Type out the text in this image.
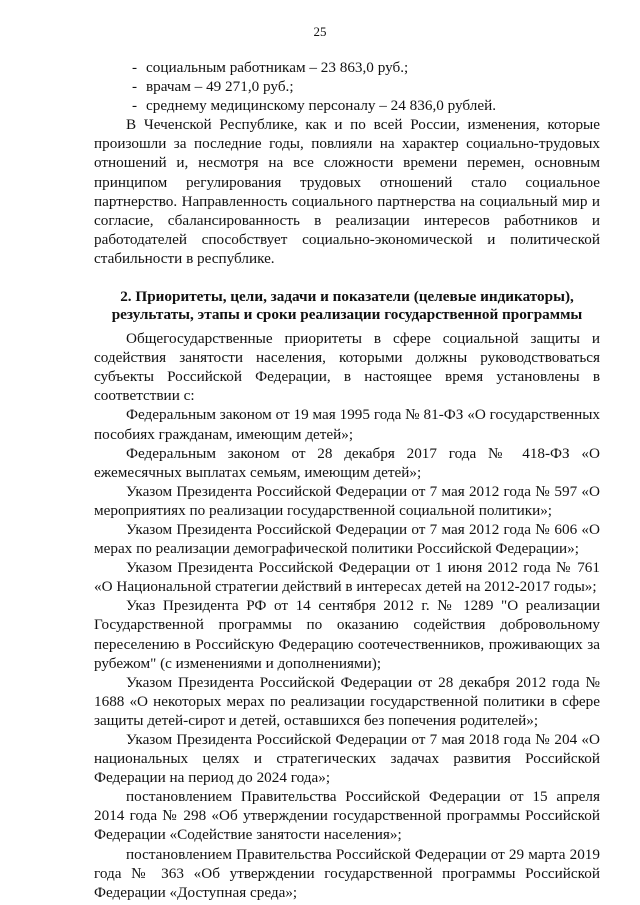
25
- социальным работникам – 23 863,0 руб.;
- врачам – 49 271,0 руб.;
- среднему медицинскому персоналу – 24 836,0 рублей.

В Чеченской Республике, как и по всей России, изменения, которые произошли за последние годы, повлияли на характер социально-трудовых отношений и, несмотря на все сложности времени перемен, основным принципом регулирования трудовых отношений стало социальное партнерство. Направленность социального партнерства на социальный мир и согласие, сбалансированность в реализации интересов работников и работодателей способствует социально-экономической и политической стабильности в республике.

2. Приоритеты, цели, задачи и показатели (целевые индикаторы),
результаты, этапы и сроки реализации государственной программы

Общегосударственные приоритеты в сфере социальной защиты и содействия занятости населения, которыми должны руководствоваться субъекты Российской Федерации, в настоящее время установлены в соответствии с:

Федеральным законом от 19 мая 1995 года № 81-ФЗ «О государственных пособиях гражданам, имеющим детей»;

Федеральным законом от 28 декабря 2017 года № 418-ФЗ «О ежемесячных выплатах семьям, имеющим детей»;

Указом Президента Российской Федерации от 7 мая 2012 года № 597 «О мероприятиях по реализации государственной социальной политики»;

Указом Президента Российской Федерации от 7 мая 2012 года № 606 «О мерах по реализации демографической политики Российской Федерации»;

Указом Президента Российской Федерации от 1 июня 2012 года № 761 «О Национальной стратегии действий в интересах детей на 2012-2017 годы»;

Указ Президента РФ от 14 сентября 2012 г. № 1289 "О реализации Государственной программы по оказанию содействия добровольному переселению в Российскую Федерацию соотечественников, проживающих за рубежом" (с изменениями и дополнениями);

Указом Президента Российской Федерации от 28 декабря 2012 года № 1688 «О некоторых мерах по реализации государственной политики в сфере защиты детей-сирот и детей, оставшихся без попечения родителей»;

Указом Президента Российской Федерации от 7 мая 2018 года № 204 «О национальных целях и стратегических задачах развития Российской Федерации на период до 2024 года»;

постановлением Правительства Российской Федерации от 15 апреля 2014 года № 298 «Об утверждении государственной программы Российской Федерации «Содействие занятости населения»;

постановлением Правительства Российской Федерации от 29 марта 2019 года № 363 «Об утверждении государственной программы Российской Федерации «Доступная среда»;
